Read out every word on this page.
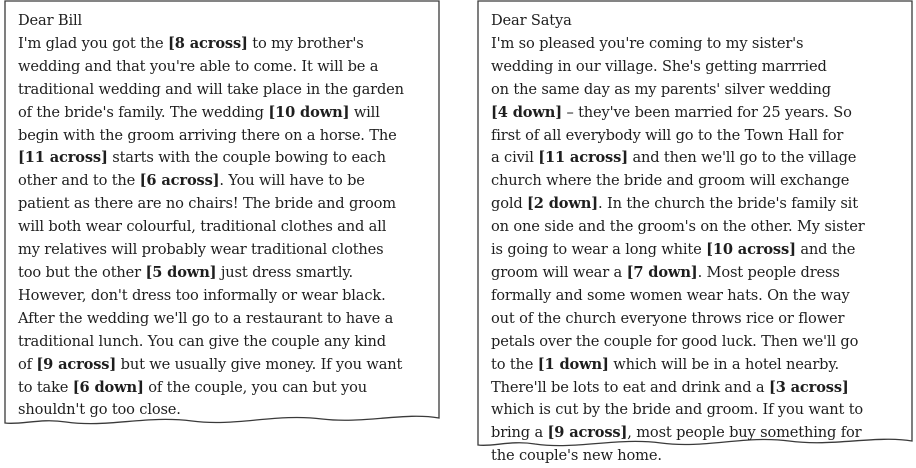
Dear Bill
I'm glad you got the [8 across] to my brother's
wedding and that you're able to come. It will be a
traditional wedding and will take place in the garden
of the bride's family. The wedding [10 down] will
begin with the groom arriving there on a horse. The
[11 across] starts with the couple bowing to each
other and to the [6 across]. You will have to be
patient as there are no chairs! The bride and groom
will both wear colourful, traditional clothes and all
my relatives will probably wear traditional clothes
too but the other [5 down] just dress smartly.
However, don't dress too informally or wear black.
After the wedding we'll go to a restaurant to have a
traditional lunch. You can give the couple any kind
of [9 across] but we usually give money. If you want
to take [6 down] of the couple, you can but you
shouldn't go too close.
Dear Satya
I'm so pleased you're coming to my sister's
wedding in our village. She's getting marrried
on the same day as my parents' silver wedding
[4 down] – they've been married for 25 years. So
first of all everybody will go to the Town Hall for
a civil [11 across] and then we'll go to the village
church where the bride and groom will exchange
gold [2 down]. In the church the bride's family sit
on one side and the groom's on the other. My sister
is going to wear a long white [10 across] and the
groom will wear a [7 down]. Most people dress
formally and some women wear hats. On the way
out of the church everyone throws rice or flower
petals over the couple for good luck. Then we'll go
to the [1 down] which will be in a hotel nearby.
There'll be lots to eat and drink and a [3 across]
which is cut by the bride and groom. If you want to
bring a [9 across], most people buy something for
the couple's new home.
